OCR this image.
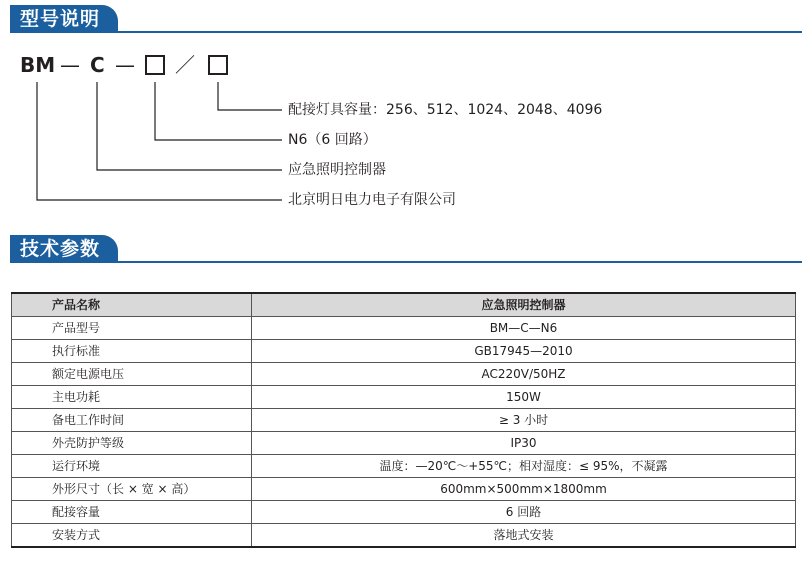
型号说明
BM — C — ／
配接灯具容量：256、512、1024、2048、4096
N6（6 回路）
应急照明控制器
北京明日电力电子有限公司
技术参数
产品名称	应急照明控制器
产品型号	BM—C—N6
执行标准	GB17945—2010
额定电源电压	AC220V/50HZ
主电功耗	150W
备电工作时间	≥ 3 小时
外壳防护等级	IP30
运行环境	温度：—20℃～+55℃；相对湿度：≤ 95%，不凝露
外形尺寸（长 × 宽 × 高）	600mm×500mm×1800mm
配接容量	6 回路
安装方式	落地式安装
